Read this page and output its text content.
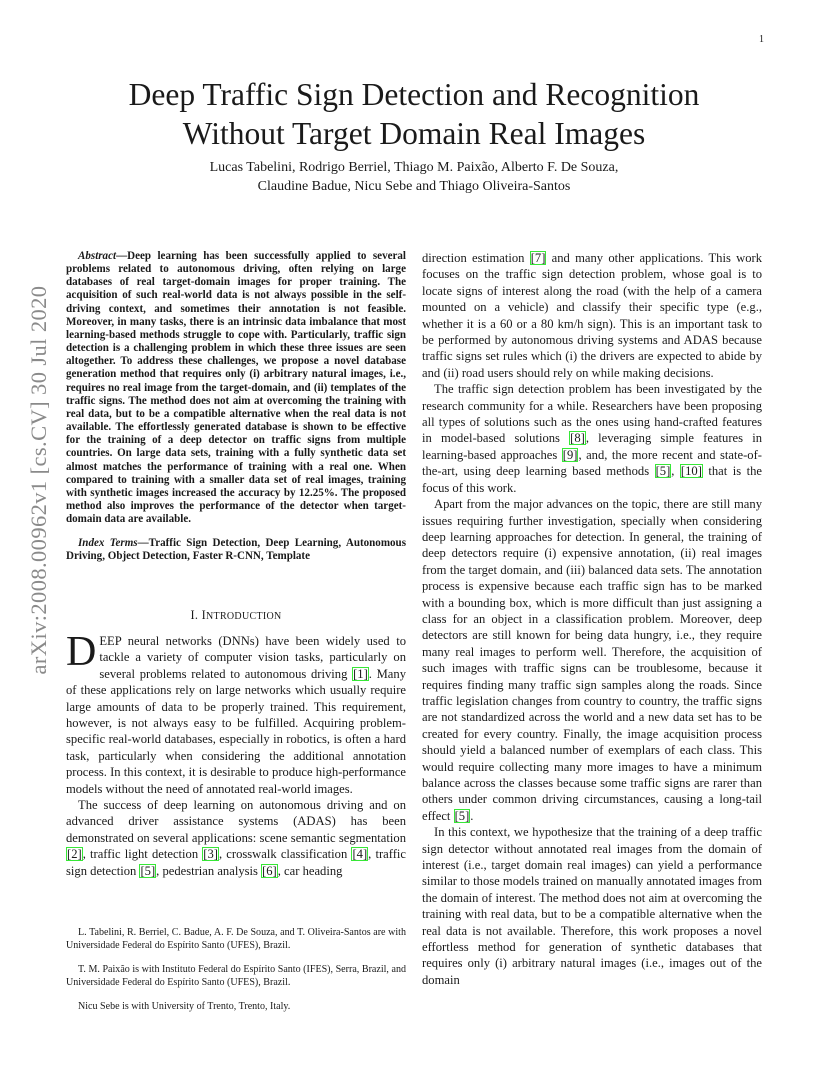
1
arXiv:2008.00962v1 [cs.CV] 30 Jul 2020
Deep Traffic Sign Detection and Recognition
Without Target Domain Real Images
Lucas Tabelini, Rodrigo Berriel, Thiago M. Paixão, Alberto F. De Souza,
Claudine Badue, Nicu Sebe and Thiago Oliveira-Santos
Abstract—Deep learning has been successfully applied to several problems related to autonomous driving, often relying on large databases of real target-domain images for proper training. The acquisition of such real-world data is not always possible in the self-driving context, and sometimes their annotation is not feasible. Moreover, in many tasks, there is an intrinsic data imbalance that most learning-based methods struggle to cope with. Particularly, traffic sign detection is a challenging problem in which these three issues are seen altogether. To address these challenges, we propose a novel database generation method that requires only (i) arbitrary natural images, i.e., requires no real image from the target-domain, and (ii) templates of the traffic signs. The method does not aim at overcoming the training with real data, but to be a compatible alternative when the real data is not available. The effortlessly generated database is shown to be effective for the training of a deep detector on traffic signs from multiple countries. On large data sets, training with a fully synthetic data set almost matches the performance of training with a real one. When compared to training with a smaller data set of real images, training with synthetic images increased the accuracy by 12.25%. The proposed method also improves the performance of the detector when target-domain data are available.
Index Terms—Traffic Sign Detection, Deep Learning, Autonomous Driving, Object Detection, Faster R-CNN, Template
I. INTRODUCTION

DEEP neural networks (DNNs) have been widely used to tackle a variety of computer vision tasks, particularly on several problems related to autonomous driving [1]. Many of these applications rely on large networks which usually require large amounts of data to be properly trained. This requirement, however, is not always easy to be fulfilled. Acquiring problem-specific real-world databases, especially in robotics, is often a hard task, particularly when considering the additional annotation process. In this context, it is desirable to produce high-performance models without the need of annotated real-world images.

The success of deep learning on autonomous driving and on advanced driver assistance systems (ADAS) has been demonstrated on several applications: scene semantic segmentation [2], traffic light detection [3], crosswalk classification [4], traffic sign detection [5], pedestrian analysis [6], car heading

L. Tabelini, R. Berriel, C. Badue, A. F. De Souza, and T. Oliveira-Santos are with Universidade Federal do Espírito Santo (UFES), Brazil.

T. M. Paixão is with Instituto Federal do Espírito Santo (IFES), Serra, Brazil, and Universidade Federal do Espírito Santo (UFES), Brazil.

Nicu Sebe is with University of Trento, Trento, Italy.

direction estimation [7] and many other applications. This work focuses on the traffic sign detection problem, whose goal is to locate signs of interest along the road (with the help of a camera mounted on a vehicle) and classify their specific type (e.g., whether it is a 60 or a 80 km/h sign). This is an important task to be performed by autonomous driving systems and ADAS because traffic signs set rules which (i) the drivers are expected to abide by and (ii) road users should rely on while making decisions.

The traffic sign detection problem has been investigated by the research community for a while. Researchers have been proposing all types of solutions such as the ones using hand-crafted features in model-based solutions [8], leveraging simple features in learning-based approaches [9], and, the more recent and state-of-the-art, using deep learning based methods [5], [10] that is the focus of this work.

Apart from the major advances on the topic, there are still many issues requiring further investigation, specially when considering deep learning approaches for detection. In general, the training of deep detectors require (i) expensive annotation, (ii) real images from the target domain, and (iii) balanced data sets. The annotation process is expensive because each traffic sign has to be marked with a bounding box, which is more difficult than just assigning a class for an object in a classification problem. Moreover, deep detectors are still known for being data hungry, i.e., they require many real images to perform well. Therefore, the acquisition of such images with traffic signs can be troublesome, because it requires finding many traffic sign samples along the roads. Since traffic legislation changes from country to country, the traffic signs are not standardized across the world and a new data set has to be created for every country. Finally, the image acquisition process should yield a balanced number of exemplars of each class. This would require collecting many more images to have a minimum balance across the classes because some traffic signs are rarer than others under common driving circumstances, causing a long-tail effect [5].

In this context, we hypothesize that the training of a deep traffic sign detector without annotated real images from the domain of interest (i.e., target domain real images) can yield a performance similar to those models trained on manually annotated images from the domain of interest. The method does not aim at overcoming the training with real data, but to be a compatible alternative when the real data is not available. Therefore, this work proposes a novel effortless method for generation of synthetic databases that requires only (i) arbitrary natural images (i.e., images out of the domain
